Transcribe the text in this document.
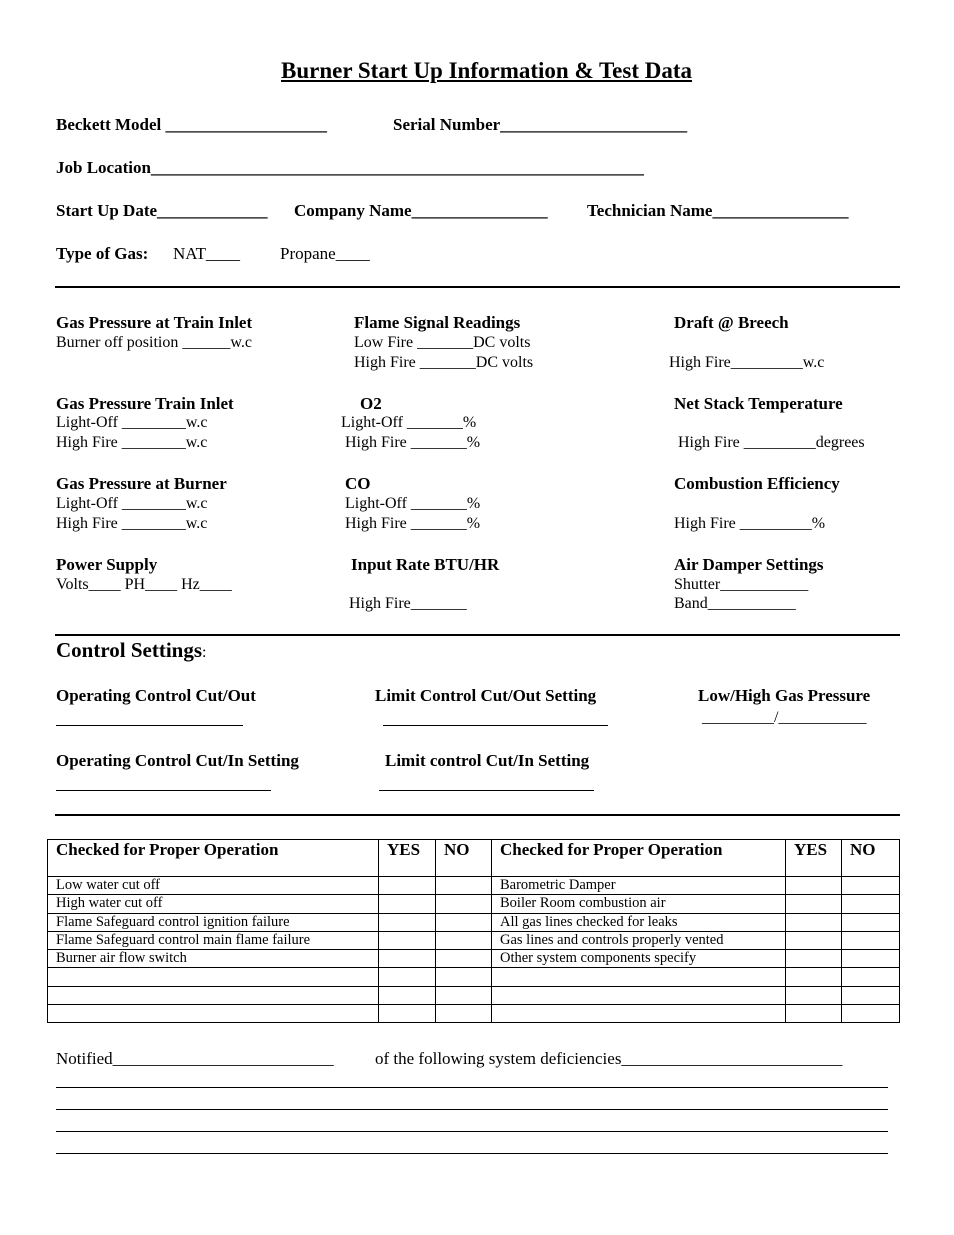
Burner Start Up Information & Test Data
Beckett Model ___________________	Serial Number______________________
Job Location__________________________________________________________
Start Up Date_____________ Company Name________________ Technician Name________________
Type of Gas: NAT____ Propane____
Gas Pressure at Train Inlet
Burner off position ______w.c
Flame Signal Readings
Low Fire _______DC volts
High Fire _______DC volts
Draft @ Breech
High Fire_________w.c
Gas Pressure Train Inlet
Light-Off ________w.c
High Fire ________w.c
O2
Light-Off _______%
High Fire _______%
Net Stack Temperature
High Fire _________degrees
Gas Pressure at Burner
Light-Off ________w.c
High Fire ________w.c
CO
Light-Off _______%
High Fire _______%
Combustion Efficiency
High Fire _________%
Power Supply
Volts____ PH____ Hz____
Input Rate BTU/HR
High Fire_______
Air Damper Settings
Shutter___________
Band___________
Control Settings:
Operating Control Cut/Out	Limit Control Cut/Out Setting	Low/High Gas Pressure
_________/___________
Operating Control Cut/In Setting	Limit control Cut/In Setting
Checked for Proper Operation	YES	NO	Checked for Proper Operation	YES	NO
Low water cut off			Barometric Damper		
High water cut off			Boiler Room combustion air		
Flame Safeguard control ignition failure			All gas lines checked for leaks		
Flame Safeguard control main flame failure			Gas lines and controls properly vented		
Burner air flow switch			Other system components specify		

Notified__________________________ of the following system deficiencies__________________________
